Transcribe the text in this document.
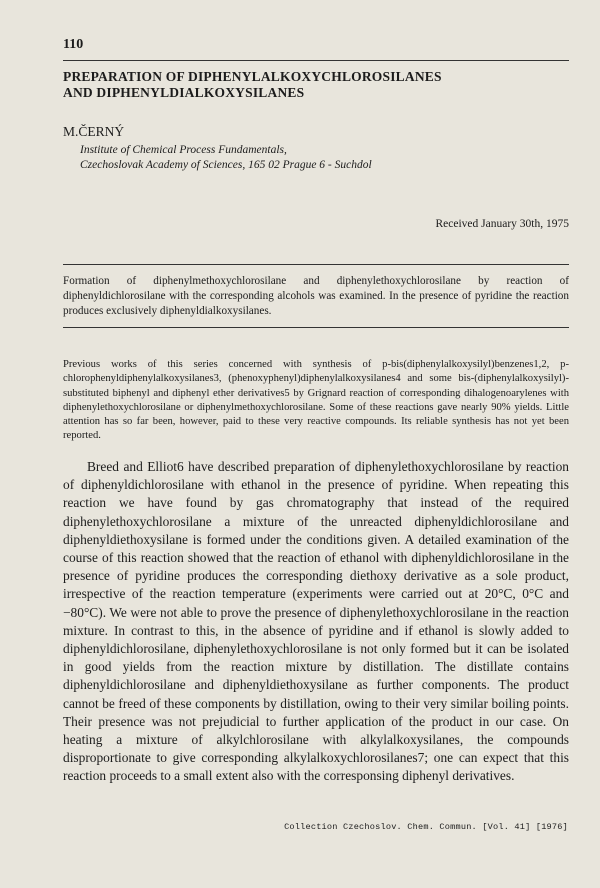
110
PREPARATION OF DIPHENYLALKOXYCHLOROSILANES
AND DIPHENYLDIALKOXYSILANES
M.ČERNÝ
Institute of Chemical Process Fundamentals,
Czechoslovak Academy of Sciences, 165 02 Prague 6 - Suchdol
Received January 30th, 1975

Formation of diphenylmethoxychlorosilane and diphenylethoxychlorosilane by reaction of diphenyldichlorosilane with the corresponding alcohols was examined. In the presence of pyridine the reaction produces exclusively diphenyldialkoxysilanes.

Previous works of this series concerned with synthesis of p-bis(diphenylalkoxysilyl)benzenes1,2, p-chlorophenyldiphenylalkoxysilanes3, (phenoxyphenyl)diphenylalkoxysilanes4 and some bis-(diphenylalkoxysilyl)-substituted biphenyl and diphenyl ether derivatives5 by Grignard reaction of corresponding dihalogenoarylenes with diphenylethoxychlorosilane or diphenylmethoxychlorosilane. Some of these reactions gave nearly 90% yields. Little attention has so far been, however, paid to these very reactive compounds. Its reliable synthesis has not yet been reported.

Breed and Elliot6 have described preparation of diphenylethoxychlorosilane by reaction of diphenyldichlorosilane with ethanol in the presence of pyridine. When repeating this reaction we have found by gas chromatography that instead of the required diphenylethoxychlorosilane a mixture of the unreacted diphenyldichlorosilane and diphenyldiethoxysilane is formed under the conditions given. A detailed examination of the course of this reaction showed that the reaction of ethanol with diphenyldichlorosilane in the presence of pyridine produces the corresponding diethoxy derivative as a sole product, irrespective of the reaction temperature (experiments were carried out at 20°C, 0°C and −80°C). We were not able to prove the presence of diphenylethoxychlorosilane in the reaction mixture. In contrast to this, in the absence of pyridine and if ethanol is slowly added to diphenyldichlorosilane, diphenylethoxychlorosilane is not only formed but it can be isolated in good yields from the reaction mixture by distillation. The distillate contains diphenyldichlorosilane and diphenyldiethoxysilane as further components. The product cannot be freed of these components by distillation, owing to their very similar boiling points. Their presence was not prejudicial to further application of the product in our case. On heating a mixture of alkylchlorosilane with alkylalkoxysilanes, the compounds disproportionate to give corresponding alkylalkoxychlorosilanes7; one can expect that this reaction proceeds to a small extent also with the corresponsing diphenyl derivatives.

Collection Czechoslov. Chem. Commun. [Vol. 41] [1976]
